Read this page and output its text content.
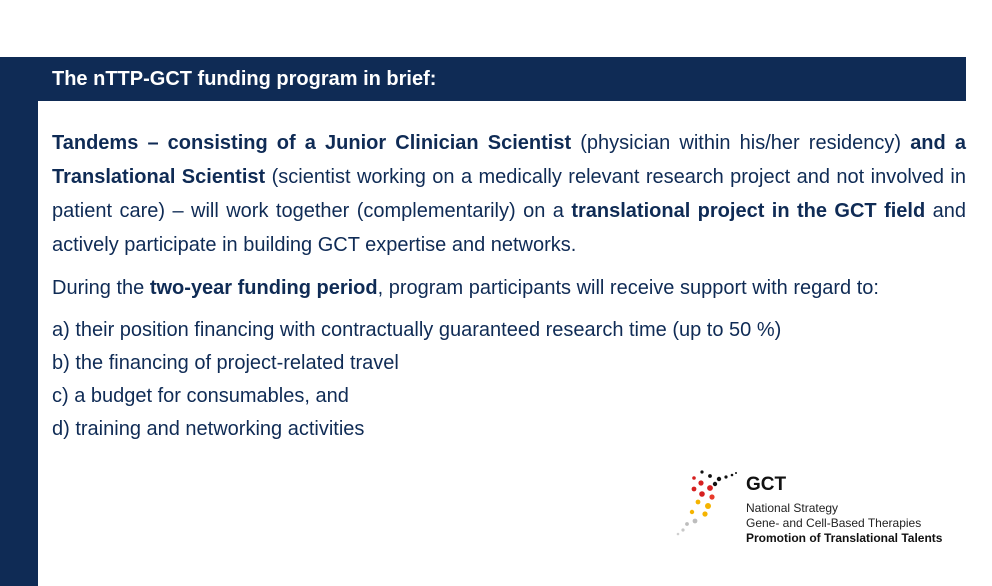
The nTTP-GCT funding program in brief:

Tandems – consisting of a Junior Clinician Scientist (physician within his/her residency) and a Translational Scientist (scientist working on a medically relevant research project and not involved in patient care) – will work together (complementarily) on a translational project in the GCT field and actively participate in building GCT expertise and networks.

During the two-year funding period, program participants will receive support with regard to:

a) their position financing with contractually guaranteed research time (up to 50 %)
b) the financing of project-related travel
c) a budget for consumables, and
d) training and networking activities
GCT
National Strategy
Gene- and Cell-Based Therapies
Promotion of Translational Talents
